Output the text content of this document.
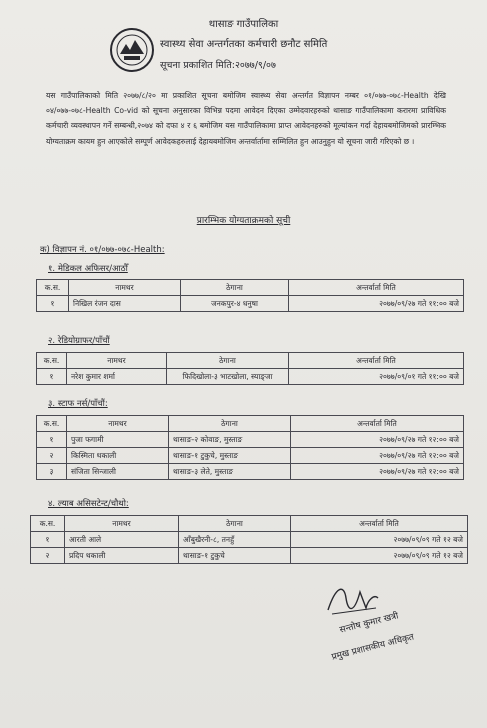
थासाङ गाउँपालिका
स्वास्थ्य सेवा अन्तर्गतका कर्मचारी छनौट समिति
सूचना प्रकाशित मिति:२०७७/९/०७

यस गाउँपालिकाको मिति २०७७/८/२० मा प्रकाशित सूचना बमोजिम स्वास्थ्य सेवा अन्तर्गत विज्ञापन नम्बर ०१/०७७-०७८-Health देखि ०४/०७७-०७८-Health Co-vid को सूचना अनुसारका विभिन्न पदमा आवेदन दिएका उम्मेदवारहरुको थासाङ गाउँपालिकामा करारमा प्राविधिक कर्मचारी व्यवस्थापन गर्ने सम्बन्धी,२०७४ को दफा ४ र ६ बमोजिम यस गाउँपालिकामा प्राप्त आवेदनहरुको मूल्यांकन गर्दा देहायबमोजिमको प्रारम्भिक योग्यताक्रम कायम हुन आएकोले सम्पूर्ण आवेदकहरुलाई देहायबमोजिम अन्तर्वार्तामा सम्मिलित हुन आउनुहुन यो सूचना जारी गरिएको छ ।

प्रारम्भिक योग्यताक्रमको सूची
क) विज्ञापन नं. ०१/०७७-०७८-Health:
१. मेडिकल अफिसर/आठौँ
क.स.	नामथर	ठेगाना	अन्तर्वार्ता मिति
१	निखिल रंजन दास	जनकपुर-४ धनुषा	२०७७/०९/२७ गते ११:०० बजे
२. रेडियोग्राफर/पाँचौं
क.स.	नामथर	ठेगाना	अन्तर्वार्ता मिति
१	नरेश कुमार शर्मा	फिदिखोला-३ भाटखोला, स्याङ्जा	२०७७/०९/०१ गते ११:०० बजे
३. स्टाफ नर्स/पाँचौं:
क.स.	नामथर	ठेगाना	अन्तर्वार्ता मिति
१	पुजा फगामी	थासाङ-२ कोवाङ, मुस्ताङ	२०७७/०९/२७ गते १२:०० बजे
२	किस्मिता थकाली	थासाङ-१ टुकुचे, मुस्ताङ	२०७७/०९/२७ गते १२:०० बजे
३	संजिता सिन्जाली	थासाङ-३ लेते, मुस्ताङ	२०७७/०९/२७ गते १२:०० बजे
४. ल्याब असिसटेन्ट/चौथो:
क.स.	नामथर	ठेगाना	अन्तर्वार्ता मिति
१	आरती आले	आँबुखैरनी-८, तनहुँ	२०७७/०९/०९ गते १२ बजे
२	प्रदिप थकाली	थासाङ-१ टुकुचे	२०७७/०९/०९ गते १२ बजे
सन्तोष कुमार खत्री
प्रमुख प्रशासकीय अधिकृत
